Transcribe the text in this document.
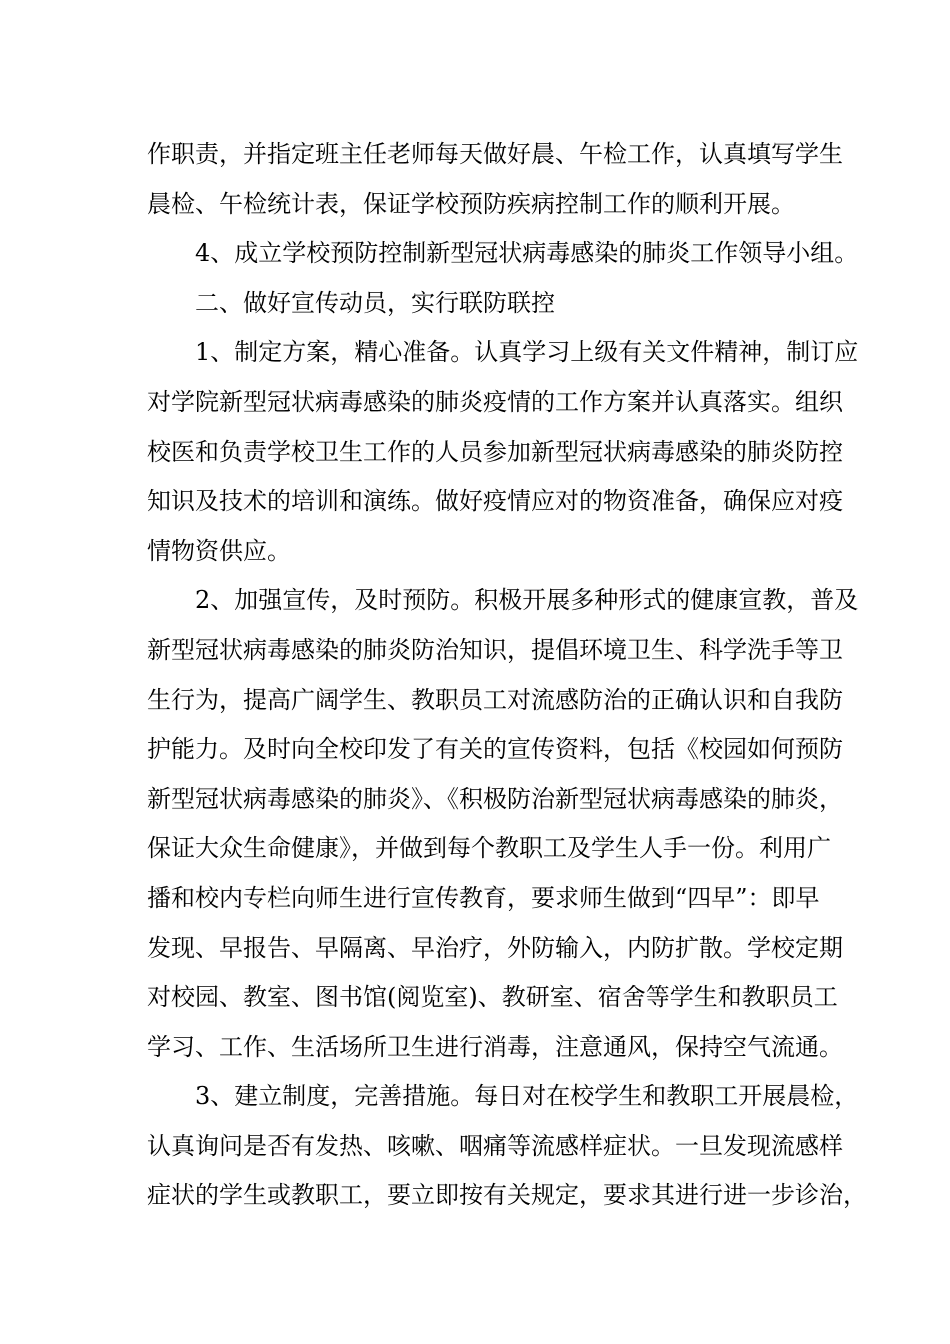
作职责，并指定班主任老师每天做好晨、午检工作，认真填写学生
晨检、午检统计表，保证学校预防疾病控制工作的顺利开展。
4、成立学校预防控制新型冠状病毒感染的肺炎工作领导小组。
二、做好宣传动员，实行联防联控
1、制定方案，精心准备。认真学习上级有关文件精神，制订应
对学院新型冠状病毒感染的肺炎疫情的工作方案并认真落实。组织
校医和负责学校卫生工作的人员参加新型冠状病毒感染的肺炎防控
知识及技术的培训和演练。做好疫情应对的物资准备，确保应对疫
情物资供应。
2、加强宣传，及时预防。积极开展多种形式的健康宣教，普及
新型冠状病毒感染的肺炎防治知识，提倡环境卫生、科学洗手等卫
生行为，提高广阔学生、教职员工对流感防治的正确认识和自我防
护能力。及时向全校印发了有关的宣传资料，包括《校园如何预防
新型冠状病毒感染的肺炎》、《积极防治新型冠状病毒感染的肺炎，
保证大众生命健康》，并做到每个教职工及学生人手一份。利用广
播和校内专栏向师生进行宣传教育，要求师生做到“四早”：即早
发现、早报告、早隔离、早治疗，外防输入，内防扩散。学校定期
对校园、教室、图书馆(阅览室)、教研室、宿舍等学生和教职员工
学习、工作、生活场所卫生进行消毒，注意通风，保持空气流通。
3、建立制度，完善措施。每日对在校学生和教职工开展晨检，
认真询问是否有发热、咳嗽、咽痛等流感样症状。一旦发现流感样
症状的学生或教职工，要立即按有关规定，要求其进行进一步诊治，
